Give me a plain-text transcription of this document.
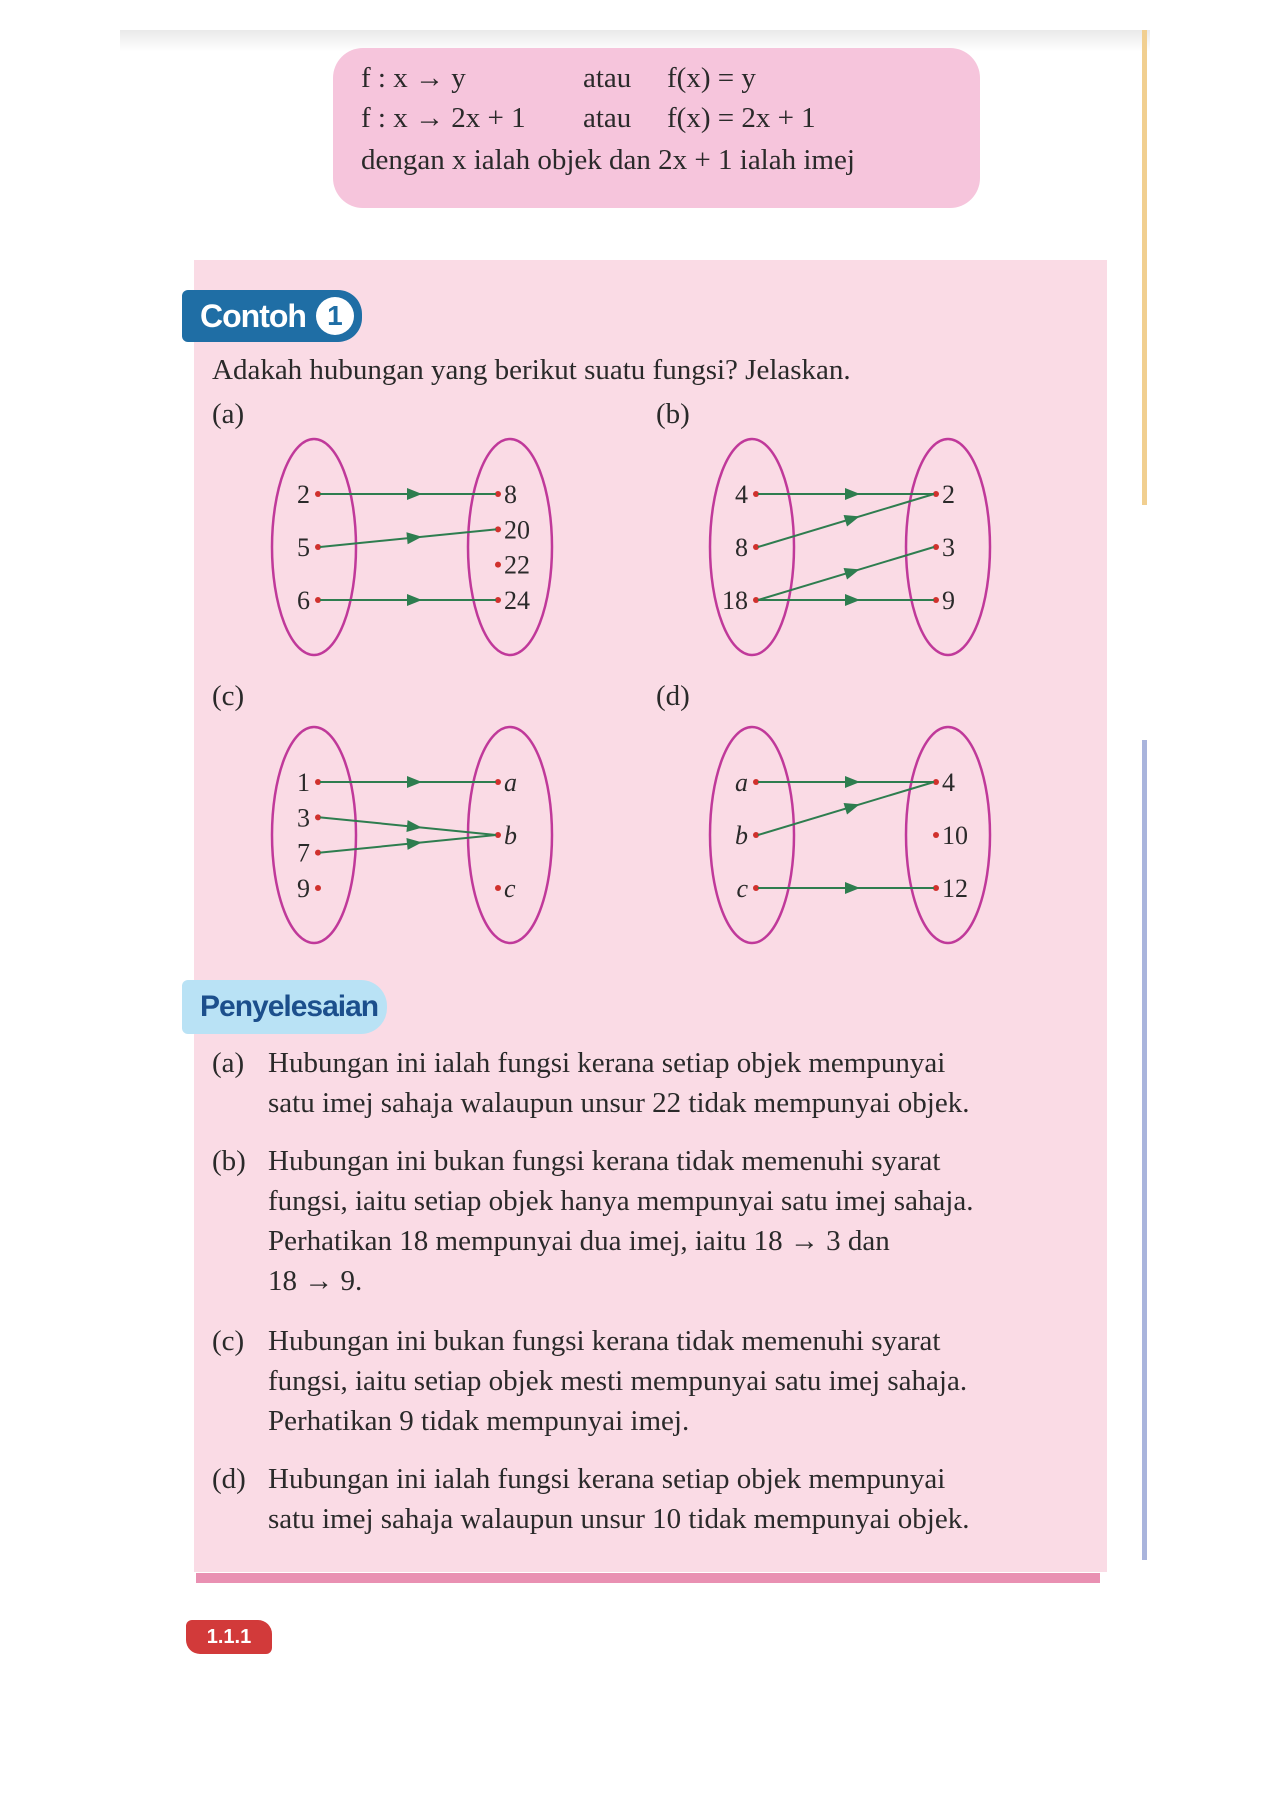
f : x → y	atau f(x) = y
f : x → 2x + 1 atau f(x) = 2x + 1
dengan x ialah objek dan 2x + 1 ialah imej
Contoh 1
Adakah hubungan yang berikut suatu fungsi? Jelaskan.
(a)	(b)
(c)	(d)
2
5
6
8
20
22
24
4
8
18
2
3
9
1
3
7
9
a
b
c
a
b
c
4
10
12
Penyelesaian
(a) Hubungan ini ialah fungsi kerana setiap objek mempunyai
satu imej sahaja walaupun unsur 22 tidak mempunyai objek.
(b) Hubungan ini bukan fungsi kerana tidak memenuhi syarat
fungsi, iaitu setiap objek hanya mempunyai satu imej sahaja.
Perhatikan 18 mempunyai dua imej, iaitu 18 → 3 dan
18 → 9.
(c) Hubungan ini bukan fungsi kerana tidak memenuhi syarat
fungsi, iaitu setiap objek mesti mempunyai satu imej sahaja.
Perhatikan 9 tidak mempunyai imej.
(d) Hubungan ini ialah fungsi kerana setiap objek mempunyai
satu imej sahaja walaupun unsur 10 tidak mempunyai objek.
1.1.1
